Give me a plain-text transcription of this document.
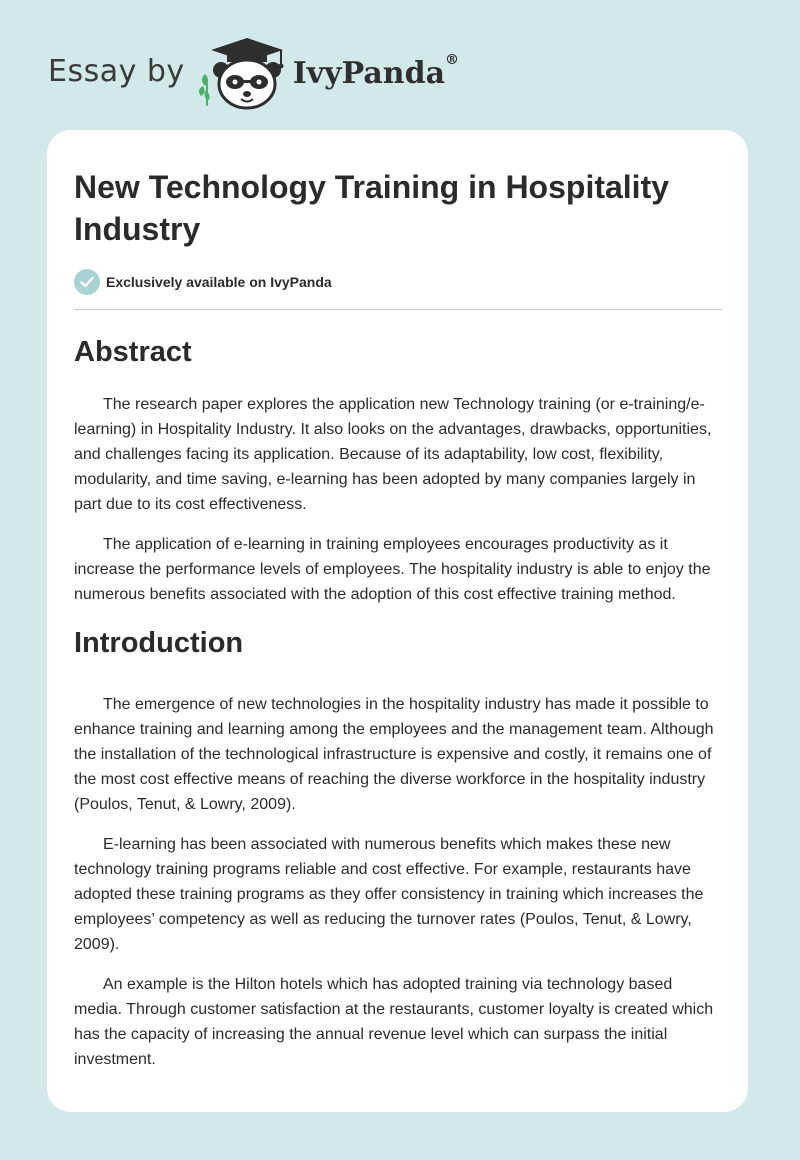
Essay by	IvyPanda®
New Technology Training in Hospitality Industry
Exclusively available on IvyPanda
Abstract

The research paper explores the application new Technology training (or e-training/e-learning) in Hospitality Industry. It also looks on the advantages, drawbacks, opportunities, and challenges facing its application. Because of its adaptability, low cost, flexibility, modularity, and time saving, e-learning has been adopted by many companies largely in part due to its cost effectiveness.

The application of e-learning in training employees encourages productivity as it increase the performance levels of employees. The hospitality industry is able to enjoy the numerous benefits associated with the adoption of this cost effective training method.

Introduction

The emergence of new technologies in the hospitality industry has made it possible to enhance training and learning among the employees and the management team. Although the installation of the technological infrastructure is expensive and costly, it remains one of the most cost effective means of reaching the diverse workforce in the hospitality industry (Poulos, Tenut, & Lowry, 2009).

E-learning has been associated with numerous benefits which makes these new technology training programs reliable and cost effective. For example, restaurants have adopted these training programs as they offer consistency in training which increases the employees’ competency as well as reducing the turnover rates (Poulos, Tenut, & Lowry, 2009).

An example is the Hilton hotels which has adopted training via technology based media. Through customer satisfaction at the restaurants, customer loyalty is created which has the capacity of increasing the annual revenue level which can surpass the initial investment.
